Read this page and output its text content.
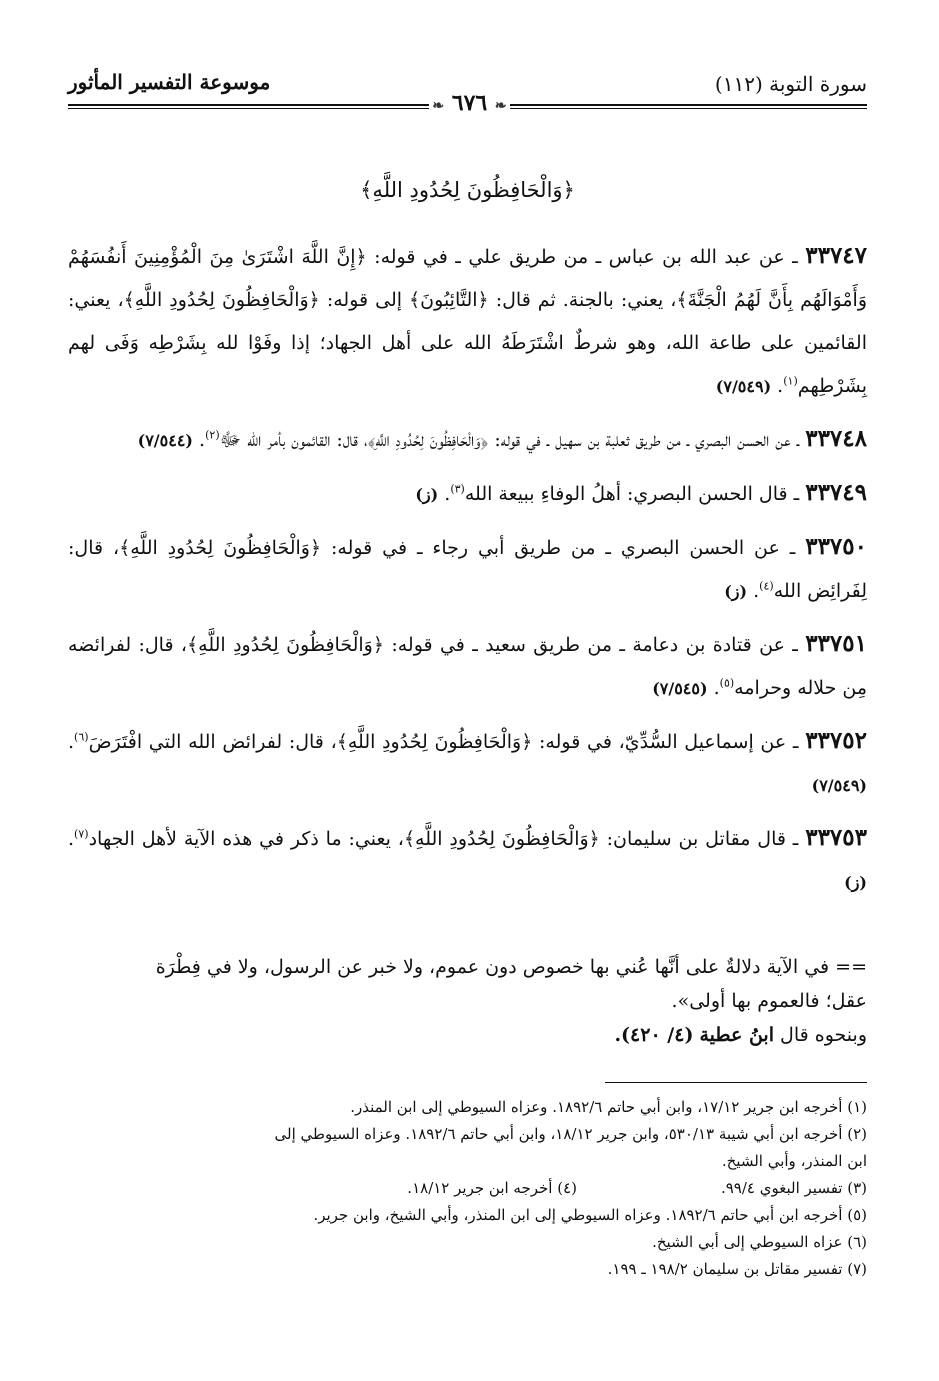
سورة التوبة (١١٢)
موسوعة التفسير المأثور
❧ ٦٧٦ ❧
﴿وَالْحَافِظُونَ لِحُدُودِ اللَّهِ﴾
٣٣٧٤٧ ـ عن عبد الله بن عباس ـ من طريق علي ـ في قوله: ﴿إِنَّ اللَّهَ اشْتَرَىٰ مِنَ الْمُؤْمِنِينَ أَنفُسَهُمْ وَأَمْوَالَهُم بِأَنَّ لَهُمُ الْجَنَّةَ﴾، يعني: بالجنة. ثم قال: ﴿التَّائِبُونَ﴾ إلى قوله: ﴿وَالْحَافِظُونَ لِحُدُودِ اللَّهِ﴾، يعني: القائمين على طاعة الله، وهو شرطٌ اشْتَرَطَهُ الله على أهل الجهاد؛ إذا وفَوْا لله بِشَرْطِه وَفَى لهم بِشَرْطِهم$^{(١)}$. (٧/٥٤٩)
٣٣٧٤٨ ـ عن الحسن البصري ـ من طريق ثعلبة بن سهيل ـ في قوله: ﴿وَالْحَافِظُونَ لِحُدُودِ اللَّهِ﴾، قال: القائمون بأمر الله ﷻ$^{(٢)}$. (٧/٥٤٤)
٣٣٧٤٩ ـ قال الحسن البصري: أهلُ الوفاءِ ببيعة الله$^{(٣)}$. (ز)
٣٣٧٥٠ ـ عن الحسن البصري ـ من طريق أبي رجاء ـ في قوله: ﴿وَالْحَافِظُونَ لِحُدُودِ اللَّهِ﴾، قال: لِفَرائِض الله$^{(٤)}$. (ز)
٣٣٧٥١ ـ عن قتادة بن دعامة ـ من طريق سعيد ـ في قوله: ﴿وَالْحَافِظُونَ لِحُدُودِ اللَّهِ﴾، قال: لفرائضه مِن حلاله وحرامه$^{(٥)}$. (٧/٥٤٥)
٣٣٧٥٢ ـ عن إسماعيل السُّدِّيّ، في قوله: ﴿وَالْحَافِظُونَ لِحُدُودِ اللَّهِ﴾، قال: لفرائض الله التي افْتَرَضَ$^{(٦)}$. (٧/٥٤٩)
٣٣٧٥٣ ـ قال مقاتل بن سليمان: ﴿وَالْحَافِظُونَ لِحُدُودِ اللَّهِ﴾، يعني: ما ذكر في هذه الآية لأهل الجهاد$^{(٧)}$. (ز)
== في الآية دلالةٌ على أنَّها عُني بها خصوص دون عموم، ولا خبر عن الرسول، ولا في فِطْرَة
عقل؛ فالعموم بها أولى».
وبنحوه قال ابنُ عطية (٤/ ٤٢٠).
(١) أخرجه ابن جرير ١٧/١٢، وابن أبي حاتم ١٨٩٢/٦. وعزاه السيوطي إلى ابن المنذر.
(٢) أخرجه ابن أبي شيبة ٥٣٠/١٣، وابن جرير ١٨/١٢، وابن أبي حاتم ١٨٩٢/٦. وعزاه السيوطي إلى
ابن المنذر، وأبي الشيخ.
(٣) تفسير البغوي ٩٩/٤.
(٤) أخرجه ابن جرير ١٨/١٢.
(٥) أخرجه ابن أبي حاتم ١٨٩٢/٦. وعزاه السيوطي إلى ابن المنذر، وأبي الشيخ، وابن جرير.
(٦) عزاه السيوطي إلى أبي الشيخ.
(٧) تفسير مقاتل بن سليمان ١٩٨/٢ ـ ١٩٩.
